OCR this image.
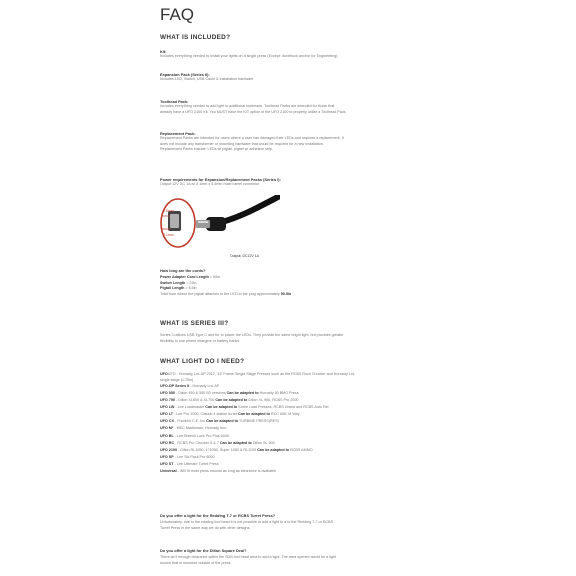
FAQ
WHAT IS INCLUDED?

Kit:

Includes everything needed to install your lights on a single press (Except: dovetruck anchor for Engineering)

Expansion Pack (Series II):

Includes LED, Switch, USB Cable & installation hardware

Toolhead Pack:

Includes everything needed to add light to additional toolheads. Toolhead Packs are intended for those that

already have a UFO 2100 Kit. You MUST have the KIT option of the UFO 2100 to properly utilize a Toolhead Pack.

Replacement Pack:

Replacement Packs are intended for users where a user has damaged their LEDs and requires a replacement. It

does not include any transformer or mounting hardware that would be required for a new installation.

Replacement Packs include: LEDs w/ pigtail, pigtail w/ adhesive strip.

Power requirements for Expansion/Replacement Packs (Series I):

Output 12V DC 1A w/ 2.1mm x 5.5mm male barrel connector

5.5mm
2.1mm
Output: DC12V 1A

How long are the cords?

Power Adapter Cord Length = 60in

Switch Length = 22in

Pigtail Length = 8.5in

Total from where the pigtail attaches to the LED to the plug approximately 90.5in

WHAT IS SERIES III?

Series 3 utilizes USB Type C and for to power the LEDs. They provide the same bright light, but provides greater

flexibility to use phone chargers or battery banks.

WHAT LIGHT DO I NEED?

UFOUFO - Hornady LnL AP 2012, '15' Frame Single Stage Presses such as the RCBS Rock Chucker and Hornady LnL

single stage (1.75in)

UFO-DP Series II - Hornady LnL AP
UFO 550 - Dillon 450 & 550 B3 versions Can be adapted to Hornady 50 BMG Press
UFO 750 - Dillon XL650 & XL750 Can be adapted to Dillon XL 900, RCBS Pro 2000
UFO LW - Lee Loadmaster Can be adapted to Some Load Presses, RCBS Grand and RCBS Auto Rel
UFO LT - Lee Pro 1000, Classic 4 station turret Can be adapted to RCC 600, M Way
UFO CX - Frankfor C.E. Inc Can be adapted to TURBINE PRESS(RES)
UFO M* - MEC Marksman, Hornady Iron
UFO BL - Lee Breech Lock Pro Plus 6000
UFO RC - RCBS Pro Chucker 5 & 7 Can be adapted to Dillon SL 900
UFO 2100 - Dillon RL1050, 1?1050, Super 1050 & RL1100 Can be adapted to RCBS AMMO
UFO SP - Lee Six Pack Pro 6000
UFO ST - Lee Ultimate Turret Press
Universal - Will fit most press mounts as long as clearance is available

Do you offer a light for the Redding T-7 or RCBS Turret Press?

Unfortunately, due to the rotating tool head it is not possible to add a light to a to the Redding T-7 or RCBS

Turret Press in the same way we do with other designs.

Do you offer a light for the Dillon Square Deal?

There isn't enough clearance within the SDB tool head area to add a light. The area opened would be a light

source that is mounted outside of the press.
